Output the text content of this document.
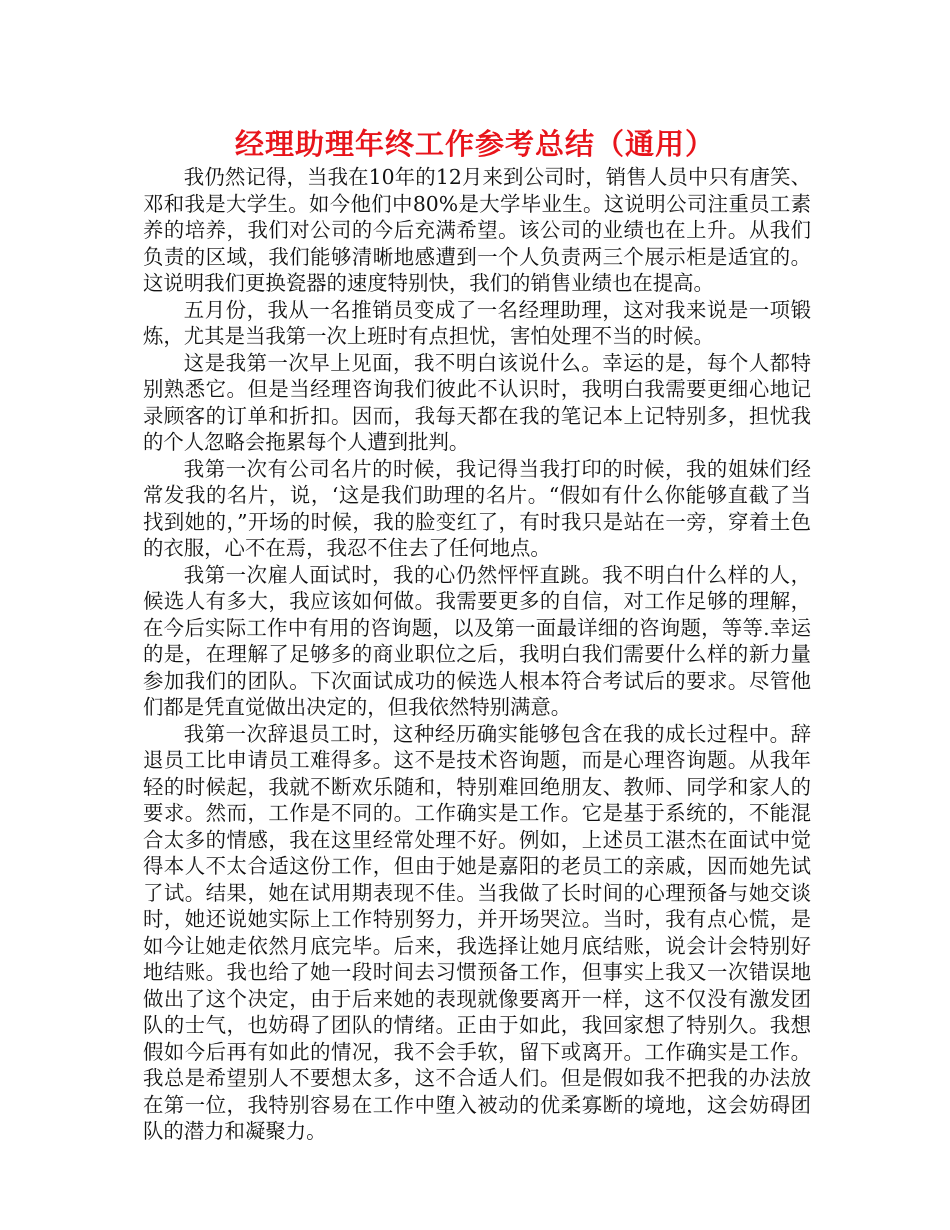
经理助理年终工作参考总结（通用）

我仍然记得，当我在10年的12月来到公司时，销售人员中只有唐笑、邓和我是大学生。如今他们中80%是大学毕业生。这说明公司注重员工素养的培养，我们对公司的今后充满希望。该公司的业绩也在上升。从我们负责的区域，我们能够清晰地感遭到一个人负责两三个展示柜是适宜的。这说明我们更换瓷器的速度特别快，我们的销售业绩也在提高。

五月份，我从一名推销员变成了一名经理助理，这对我来说是一项锻炼，尤其是当我第一次上班时有点担忧，害怕处理不当的时候。

这是我第一次早上见面，我不明白该说什么。幸运的是，每个人都特别熟悉它。但是当经理咨询我们彼此不认识时，我明白我需要更细心地记录顾客的订单和折扣。因而，我每天都在我的笔记本上记特别多，担忧我的个人忽略会拖累每个人遭到批判。

我第一次有公司名片的时候，我记得当我打印的时候，我的姐妹们经常发我的名片，说，‘这是我们助理的名片。“假如有什么你能够直截了当找到她的，”开场的时候，我的脸变红了，有时我只是站在一旁，穿着土色的衣服，心不在焉，我忍不住去了任何地点。

我第一次雇人面试时，我的心仍然怦怦直跳。我不明白什么样的人，候选人有多大，我应该如何做。我需要更多的自信，对工作足够的理解，在今后实际工作中有用的咨询题，以及第一面最详细的咨询题，等等.幸运的是，在理解了足够多的商业职位之后，我明白我们需要什么样的新力量参加我们的团队。下次面试成功的候选人根本符合考试后的要求。尽管他们都是凭直觉做出决定的，但我依然特别满意。

我第一次辞退员工时，这种经历确实能够包含在我的成长过程中。辞退员工比申请员工难得多。这不是技术咨询题，而是心理咨询题。从我年轻的时候起，我就不断欢乐随和，特别难回绝朋友、教师、同学和家人的要求。然而，工作是不同的。工作确实是工作。它是基于系统的，不能混合太多的情感，我在这里经常处理不好。例如，上述员工湛杰在面试中觉得本人不太合适这份工作，但由于她是嘉阳的老员工的亲戚，因而她先试了试。结果，她在试用期表现不佳。当我做了长时间的心理预备与她交谈时，她还说她实际上工作特别努力，并开场哭泣。当时，我有点心慌，是如今让她走依然月底完毕。后来，我选择让她月底结账，说会计会特别好地结账。我也给了她一段时间去习惯预备工作，但事实上我又一次错误地做出了这个决定，由于后来她的表现就像要离开一样，这不仅没有激发团队的士气，也妨碍了团队的情绪。正由于如此，我回家想了特别久。我想假如今后再有如此的情况，我不会手软，留下或离开。工作确实是工作。我总是希望别人不要想太多，这不合适人们。但是假如我不把我的办法放在第一位，我特别容易在工作中堕入被动的优柔寡断的境地，这会妨碍团队的潜力和凝聚力。
